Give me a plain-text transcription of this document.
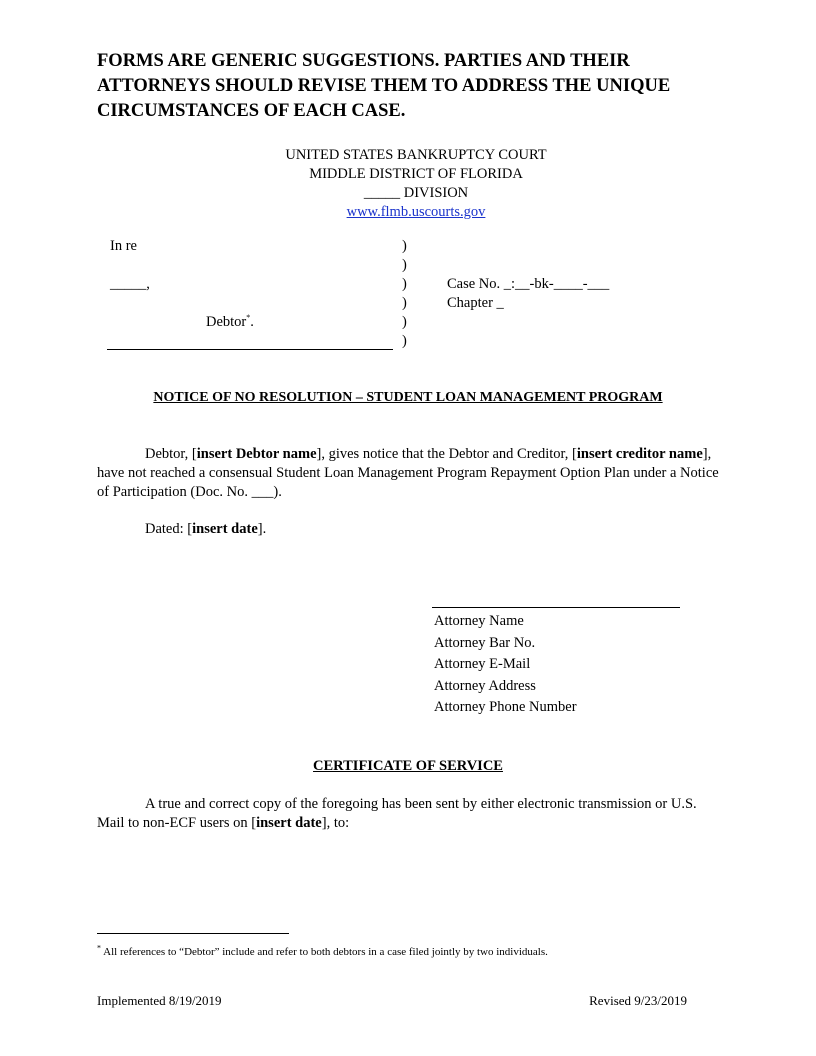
FORMS ARE GENERIC SUGGESTIONS. PARTIES AND THEIR ATTORNEYS SHOULD REVISE THEM TO ADDRESS THE UNIQUE CIRCUMSTANCES OF EACH CASE.
UNITED STATES BANKRUPTCY COURT
MIDDLE DISTRICT OF FLORIDA
_____ DIVISION
www.flmb.uscourts.gov
In re
_____,
Debtor*.
)
)
)
)
)
)
Case No. _:__-bk-____-___
Chapter _
NOTICE OF NO RESOLUTION – STUDENT LOAN MANAGEMENT PROGRAM
Debtor, [insert Debtor name], gives notice that the Debtor and Creditor, [insert creditor name], have not reached a consensual Student Loan Management Program Repayment Option Plan under a Notice of Participation (Doc. No. ___).
Dated: [insert date].
Attorney Name
Attorney Bar No.
Attorney E-Mail
Attorney Address
Attorney Phone Number
CERTIFICATE OF SERVICE
A true and correct copy of the foregoing has been sent by either electronic transmission or U.S. Mail to non-ECF users on [insert date], to:
* All references to “Debtor” include and refer to both debtors in a case filed jointly by two individuals.
Implemented 8/19/2019	Revised 9/23/2019
